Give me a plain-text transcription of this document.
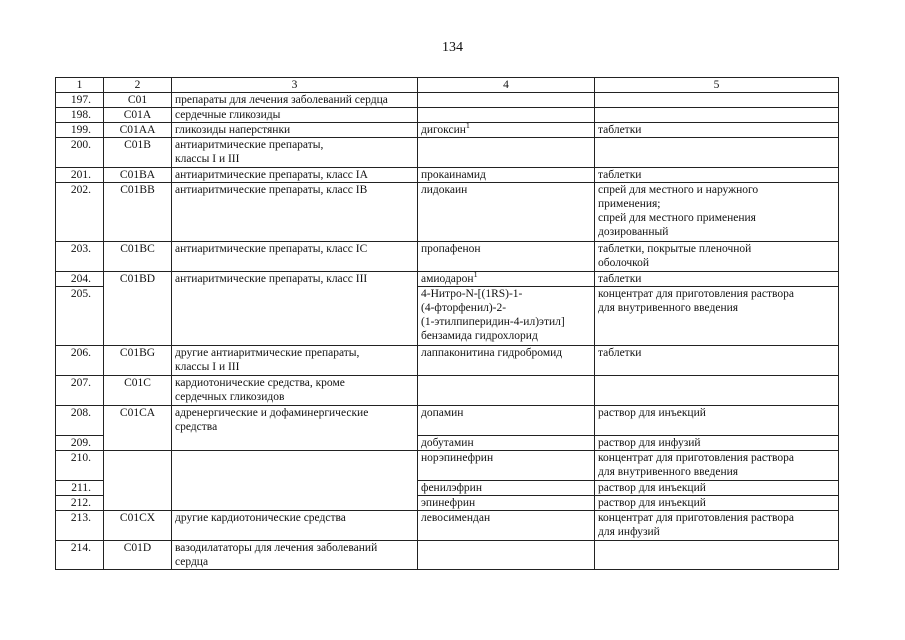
134
1	2	3	4	5
197.	C01	препараты для лечения заболеваний сердца		
198.	C01A	сердечные гликозиды		
199.	C01AA	гликозиды наперстянки	дигоксин$^1$	таблетки
200.	C01B	антиаритмические препараты,
классы I и III		
201.	C01BA	антиаритмические препараты, класс IA	прокаинамид	таблетки
202.	C01BB	антиаритмические препараты, класс IB	лидокаин	спрей для местного и наружного
применения;
спрей для местного применения
дозированный
203.	C01BC	антиаритмические препараты, класс IC	пропафенон	таблетки, покрытые пленочной
оболочкой
204.	C01BD	антиаритмические препараты, класс III	амиодарон$^1$	таблетки
205.			4-Нитро-N-[(1RS)-1-
(4-фторфенил)-2-
(1-этилпиперидин-4-ил)этил]
бензамида гидрохлорид	концентрат для приготовления раствора
для внутривенного введения
206.	C01BG	другие антиаритмические препараты,
классы I и III	лаппаконитина гидробромид	таблетки
207.	C01C	кардиотонические средства, кроме
сердечных гликозидов		
208.	C01CA	адренергические и дофаминергические
средства	допамин	раствор для инъекций
209.			добутамин	раствор для инфузий
210.			норэпинефрин	концентрат для приготовления раствора
для внутривенного введения
211.			фенилэфрин	раствор для инъекций
212.			эпинефрин	раствор для инъекций
213.	C01CX	другие кардиотонические средства	левосимендан	концентрат для приготовления раствора
для инфузий
214.	C01D	вазодилататоры для лечения заболеваний
сердца		
